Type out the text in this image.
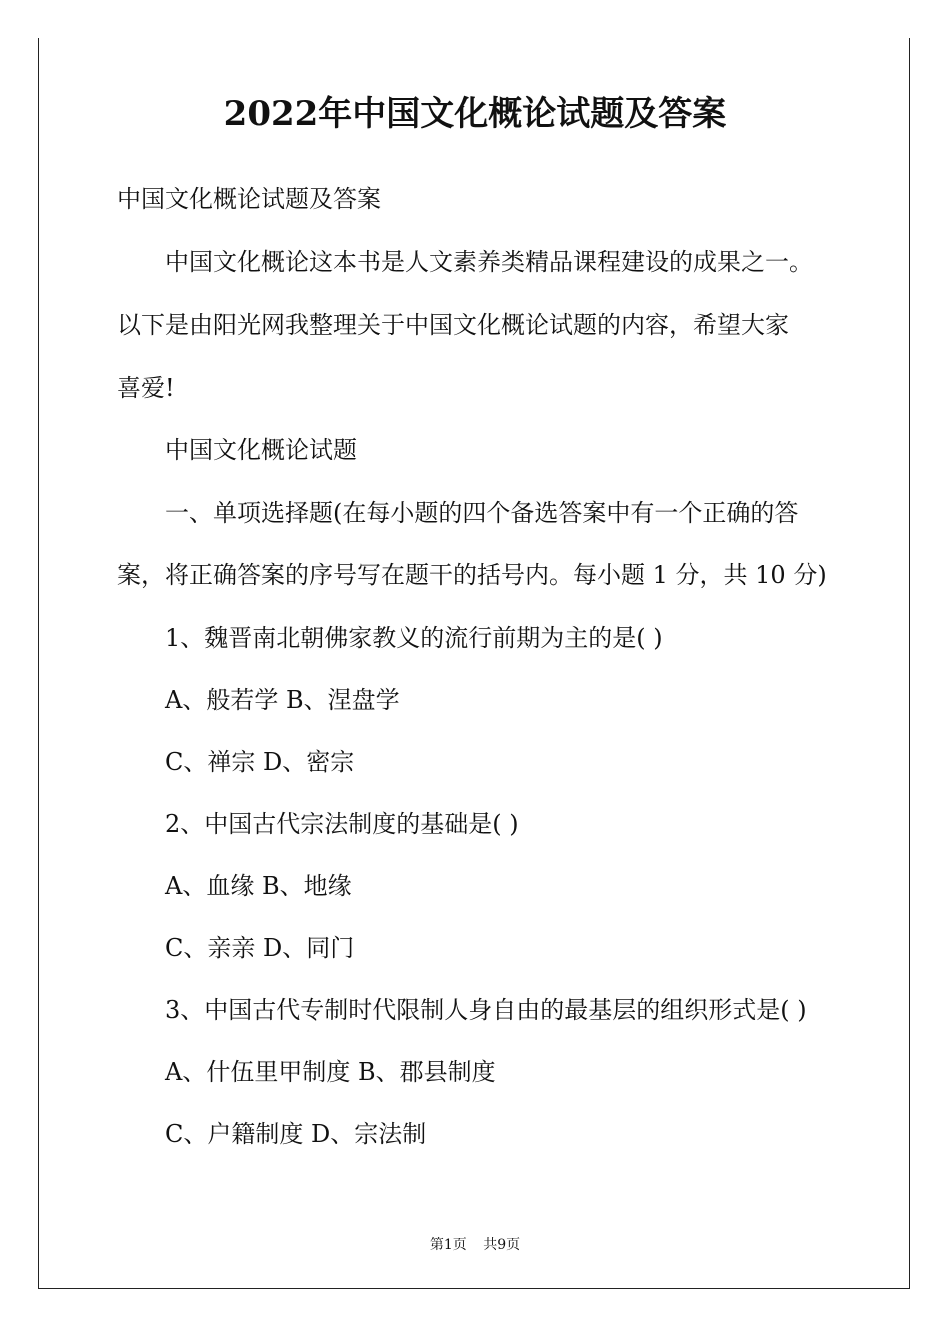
2022年中国文化概论试题及答案
中国文化概论试题及答案
中国文化概论这本书是人文素养类精品课程建设的成果之一。
以下是由阳光网我整理关于中国文化概论试题的内容，希望大家
喜爱!
中国文化概论试题
一、单项选择题(在每小题的四个备选答案中有一个正确的答
案，将正确答案的序号写在题干的括号内。每小题 1 分，共 10 分)
1、魏晋南北朝佛家教义的流行前期为主的是( )
A、般若学 B、涅盘学
C、禅宗 D、密宗
2、中国古代宗法制度的基础是( )
A、血缘 B、地缘
C、亲亲 D、同门
3、中国古代专制时代限制人身自由的最基层的组织形式是( )
A、什伍里甲制度 B、郡县制度
C、户籍制度 D、宗法制
第1页 共9页
